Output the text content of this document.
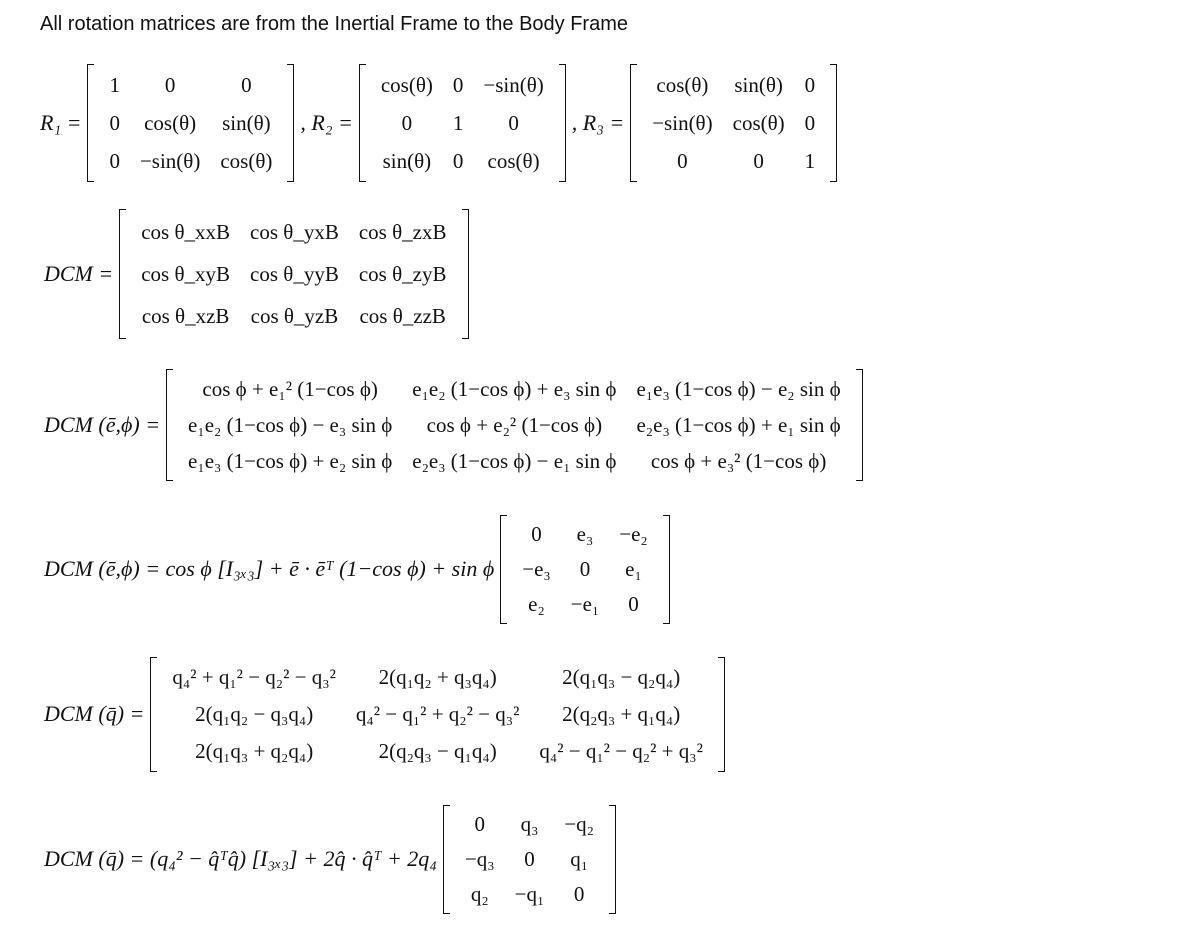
All rotation matrices are from the Inertial Frame to the Body Frame
R₁ =
1	0	0
0	cos(θ)	sin(θ)
0	−sin(θ)	cos(θ)
, R₂ =
cos(θ)	0	−sin(θ)
0	1	0
sin(θ)	0	cos(θ)
, R₃ =
cos(θ)	sin(θ)	0
−sin(θ)	cos(θ)	0
0	0	1
DCM =
cos θ_xxB	cos θ_yxB	cos θ_zxB
cos θ_xyB	cos θ_yyB	cos θ_zyB
cos θ_xzB	cos θ_yzB	cos θ_zzB
DCM (ē,ϕ) =
cos ϕ + e₁² (1−cos ϕ)	e₁e₂ (1−cos ϕ) + e₃ sin ϕ	e₁e₃ (1−cos ϕ) − e₂ sin ϕ
e₁e₂ (1−cos ϕ) − e₃ sin ϕ	cos ϕ + e₂² (1−cos ϕ)	e₂e₃ (1−cos ϕ) + e₁ sin ϕ
e₁e₃ (1−cos ϕ) + e₂ sin ϕ	e₂e₃ (1−cos ϕ) − e₁ sin ϕ	cos ϕ + e₃² (1−cos ϕ)
DCM (ē,ϕ) = cos ϕ [I₃ₓ₃] + ē · ēᵀ (1−cos ϕ) + sin ϕ
0	e₃	−e₂
−e₃	0	e₁
e₂	−e₁	0
DCM (q̄) =
q₄² + q₁² − q₂² − q₃²	2(q₁q₂ + q₃q₄)	2(q₁q₃ − q₂q₄)
2(q₁q₂ − q₃q₄)	q₄² − q₁² + q₂² − q₃²	2(q₂q₃ + q₁q₄)
2(q₁q₃ + q₂q₄)	2(q₂q₃ − q₁q₄)	q₄² − q₁² − q₂² + q₃²
DCM (q̄) = (q₄² − q̂ᵀq̂) [I₃ₓ₃] + 2q̂ · q̂ᵀ + 2q₄
0	q₃	−q₂
−q₃	0	q₁
q₂	−q₁	0
